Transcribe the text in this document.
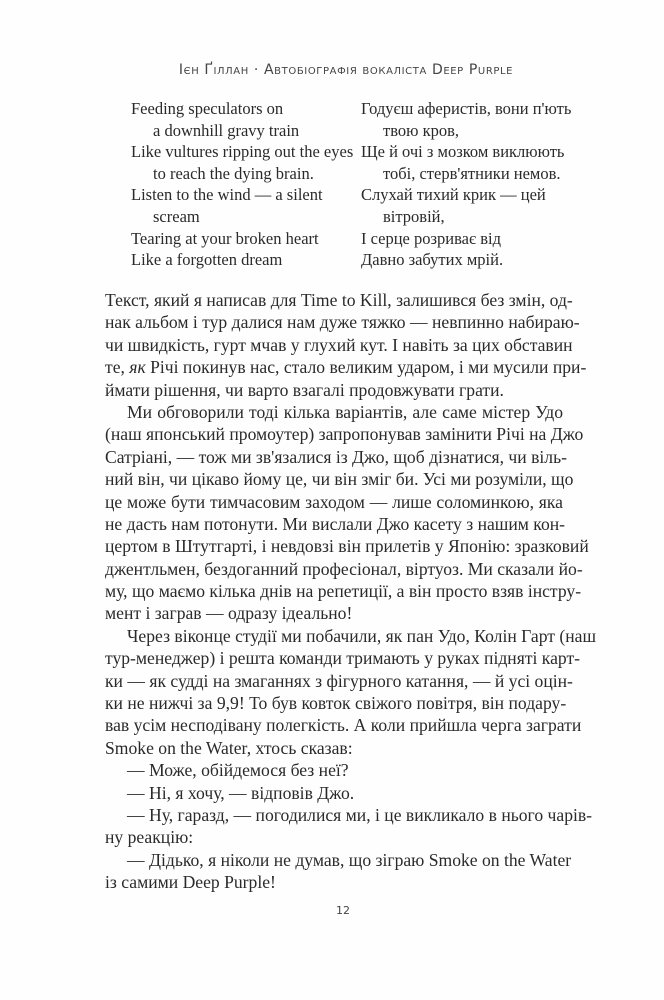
Ієн Ґіллан · Автобіографія вокаліста Deep Purple
Feeding speculators on
a downhill gravy train
Like vultures ripping out the eyes
to reach the dying brain.
Listen to the wind — a silent
scream
Tearing at your broken heart
Like a forgotten dream
Годуєш аферистів, вони п'ють
твою кров,
Ще й очі з мозком виклюють
тобі, стерв'ятники немов.
Слухай тихий крик — цей
вітровій,
І серце розриває від
Давно забутих мрій.
Текст, який я написав для Time to Kill, залишився без змін, од-
нак альбом і тур далися нам дуже тяжко — невпинно набираю-
чи швидкість, гурт мчав у глухий кут. І навіть за цих обставин
те, як Річі покинув нас, стало великим ударом, і ми мусили при-
ймати рішення, чи варто взагалі продовжувати грати.
Ми обговорили тоді кілька варіантів, але саме містер Удо
(наш японський промоутер) запропонував замінити Річі на Джо
Сатріані, — тож ми зв'язалися із Джо, щоб дізнатися, чи віль-
ний він, чи цікаво йому це, чи він зміг би. Усі ми розуміли, що
це може бути тимчасовим заходом — лише соломинкою, яка
не дасть нам потонути. Ми вислали Джо касету з нашим кон-
цертом в Штутгарті, і невдовзі він прилетів у Японію: зразковий
джентльмен, бездоганний професіонал, віртуоз. Ми сказали йо-
му, що маємо кілька днів на репетиції, а він просто взяв інстру-
мент і заграв — одразу ідеально!
Через віконце студії ми побачили, як пан Удо, Колін Гарт (наш
тур-менеджер) і решта команди тримають у руках підняті карт-
ки — як судді на змаганнях з фігурного катання, — й усі оцін-
ки не нижчі за 9,9! То був ковток свіжого повітря, він подару-
вав усім несподівану полегкість. А коли прийшла черга заграти
Smoke on the Water, хтось сказав:
— Може, обійдемося без неї?
— Ні, я хочу, — відповів Джо.
— Ну, гаразд, — погодилися ми, і це викликало в нього чарів-
ну реакцію:
— Дідько, я ніколи не думав, що зіграю Smoke on the Water
із самими Deep Purple!
12
